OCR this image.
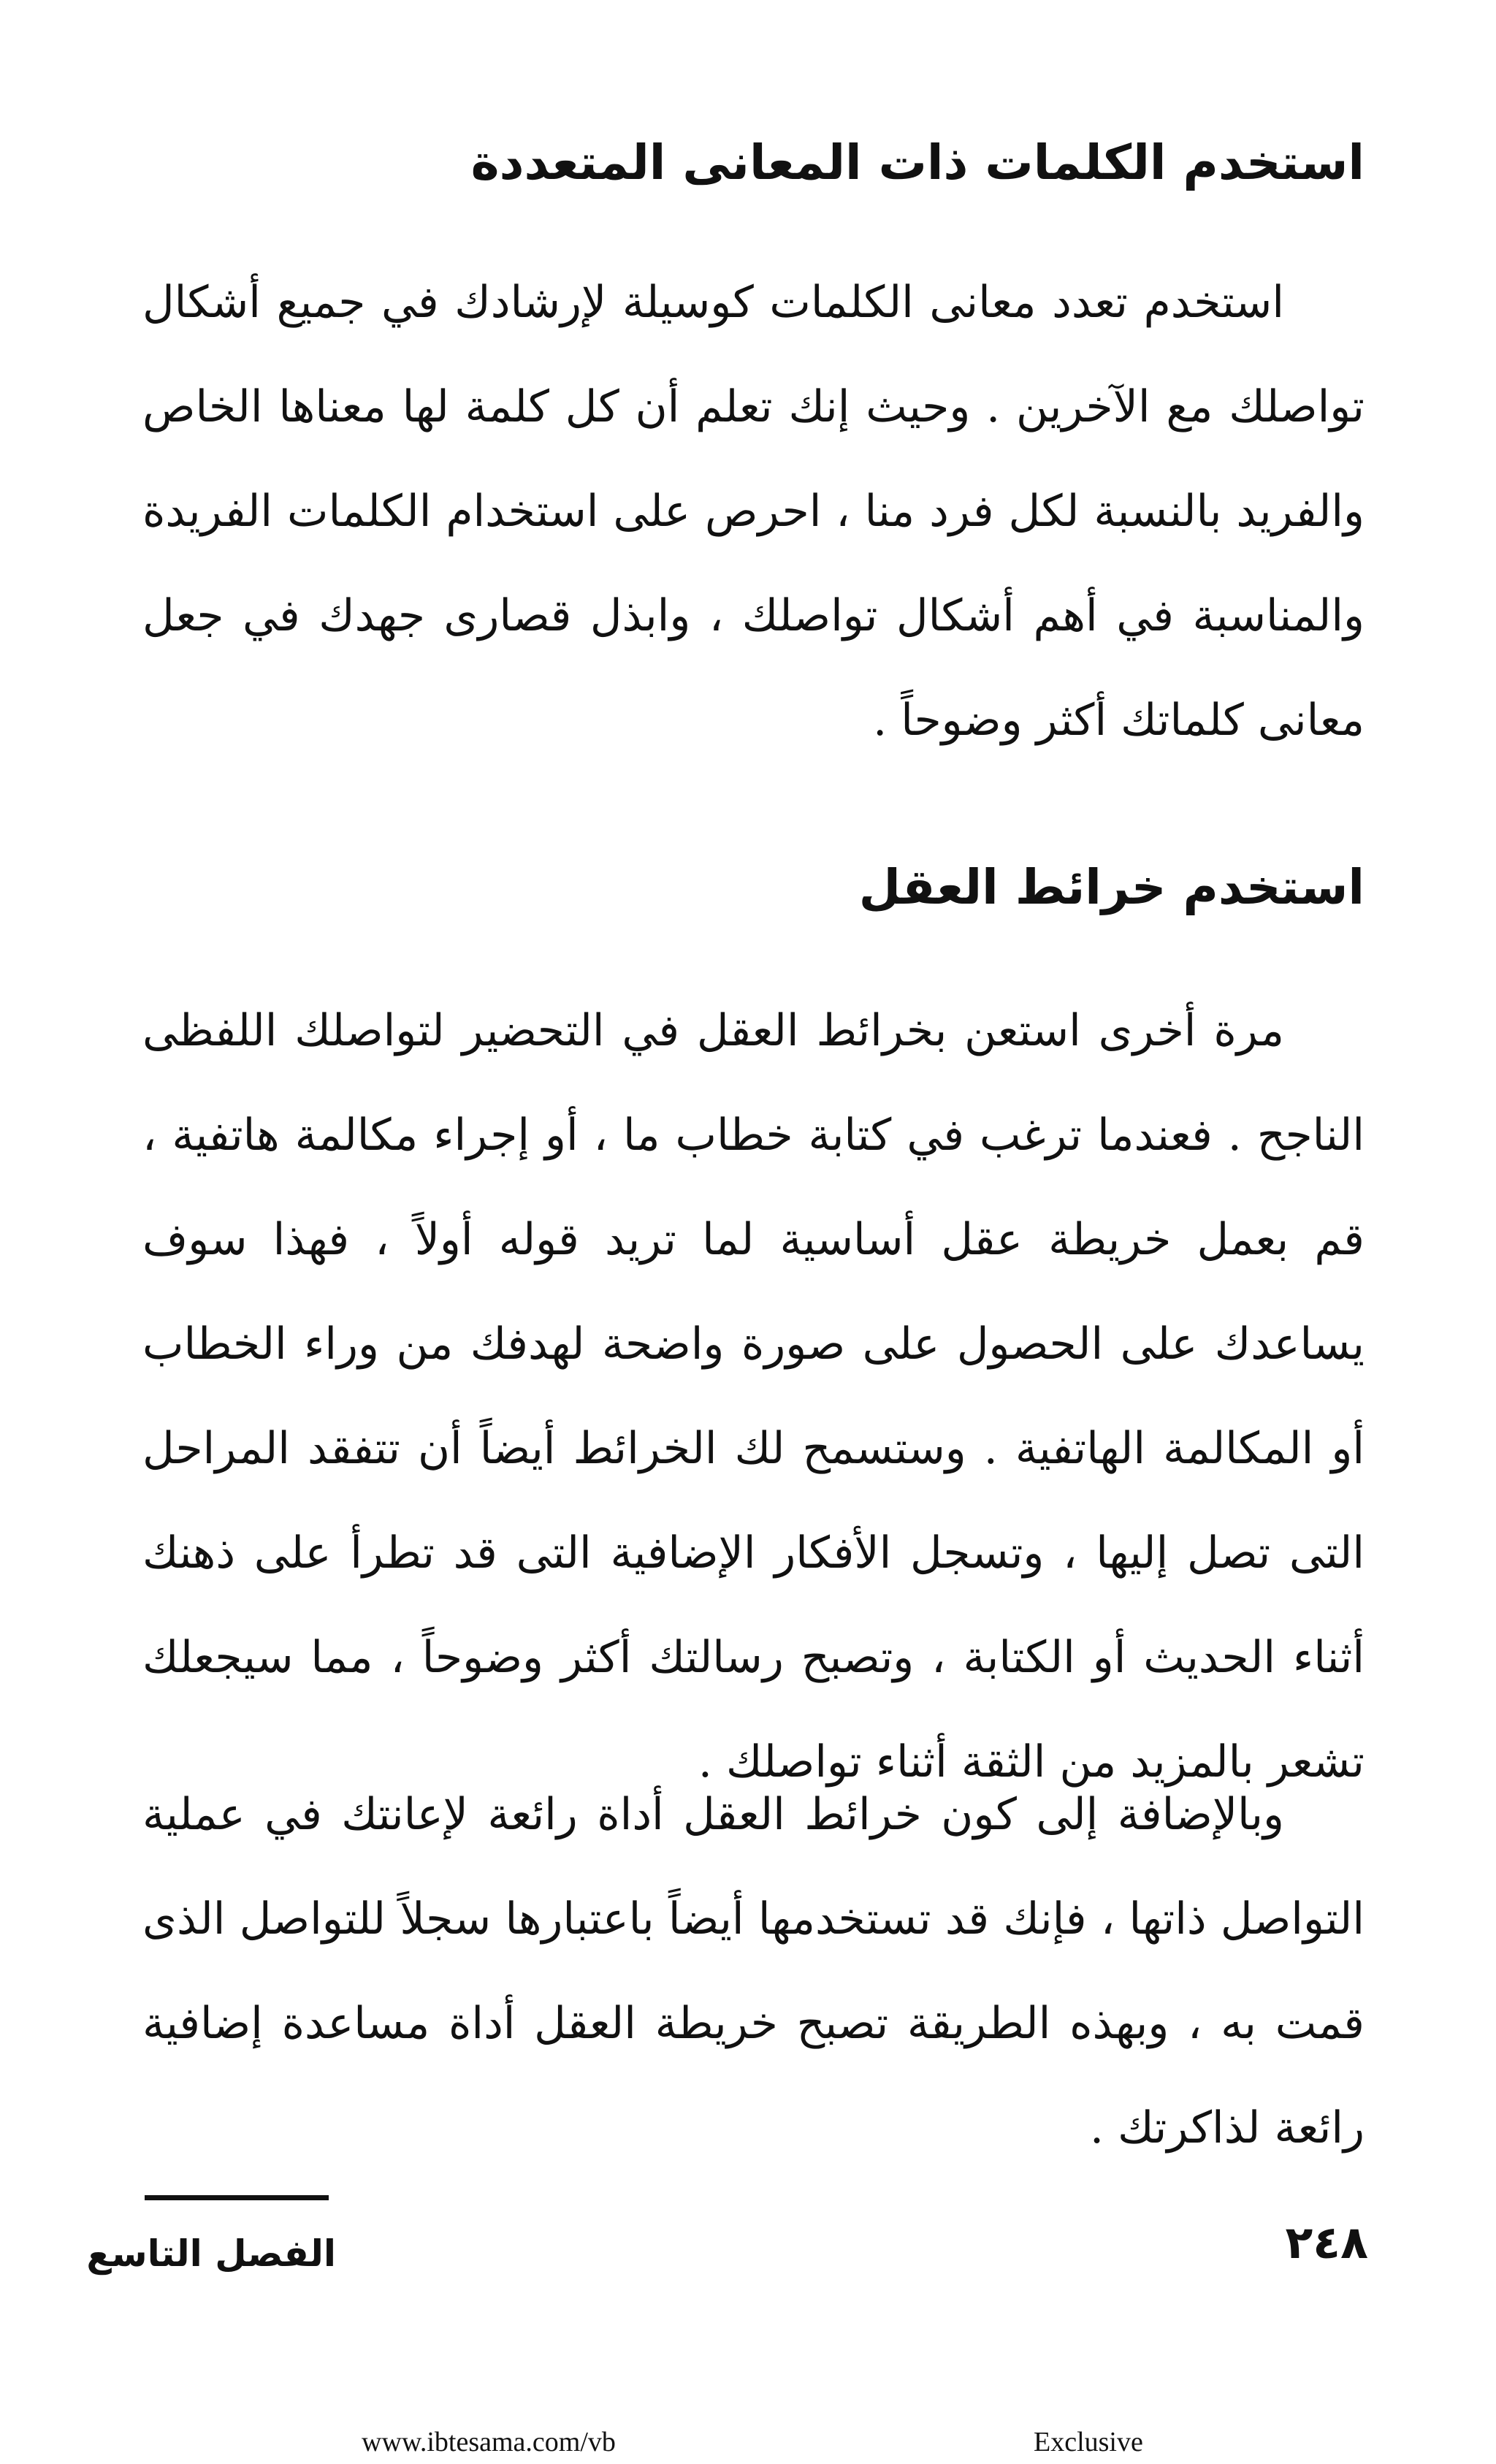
استخدم الكلمات ذات المعانى المتعددة

استخدم تعدد معانى الكلمات كوسيلة لإرشادك في جميع أشكال تواصلك مع الآخرين . وحيث إنك تعلم أن كل كلمة لها معناها الخاص والفريد بالنسبة لكل فرد منا ، احرص على استخدام الكلمات الفريدة والمناسبة في أهم أشكال تواصلك ، وابذل قصارى جهدك في جعل معانى كلماتك أكثر وضوحاً .

استخدم خرائط العقل

مرة أخرى استعن بخرائط العقل في التحضير لتواصلك اللفظى الناجح . فعندما ترغب في كتابة خطاب ما ، أو إجراء مكالمة هاتفية ، قم بعمل خريطة عقل أساسية لما تريد قوله أولاً ، فهذا سوف يساعدك على الحصول على صورة واضحة لهدفك من وراء الخطاب أو المكالمة الهاتفية . وستسمح لك الخرائط أيضاً أن تتفقد المراحل التى تصل إليها ، وتسجل الأفكار الإضافية التى قد تطرأ على ذهنك أثناء الحديث أو الكتابة ، وتصبح رسالتك أكثر وضوحاً ، مما سيجعلك تشعر بالمزيد من الثقة أثناء تواصلك .

وبالإضافة إلى كون خرائط العقل أداة رائعة لإعانتك في عملية التواصل ذاتها ، فإنك قد تستخدمها أيضاً باعتبارها سجلاً للتواصل الذى قمت به ، وبهذه الطريقة تصبح خريطة العقل أداة مساعدة إضافية رائعة لذاكرتك .

الفصل التاسع	٢٤٨
www.ibtesama.com/vb	Exclusive
